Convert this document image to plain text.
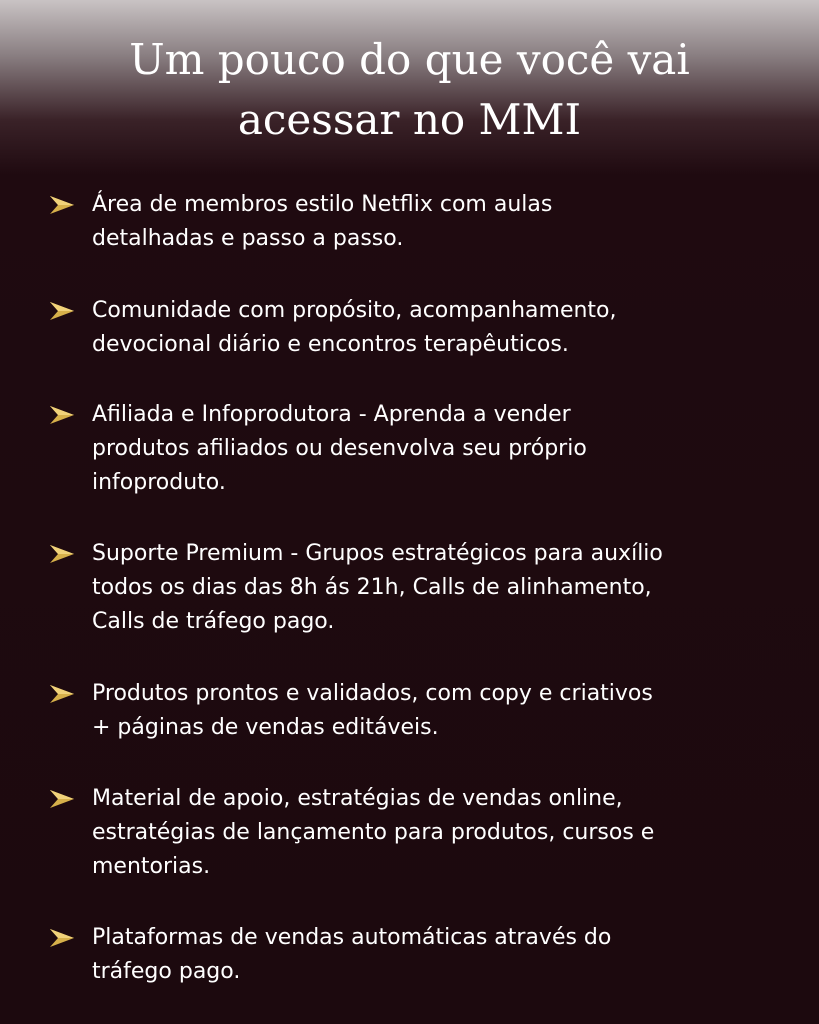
Um pouco do que você vai
acessar no MMI
Área de membros estilo Netflix com aulas
detalhadas e passo a passo.
Comunidade com propósito, acompanhamento,
devocional diário e encontros terapêuticos.
Afiliada e Infoprodutora - Aprenda a vender
produtos afiliados ou desenvolva seu próprio
infoproduto.
Suporte Premium - Grupos estratégicos para auxílio
todos os dias das 8h ás 21h, Calls de alinhamento,
Calls de tráfego pago.
Produtos prontos e validados, com copy e criativos
+ páginas de vendas editáveis.
Material de apoio, estratégias de vendas online,
estratégias de lançamento para produtos, cursos e
mentorias.
Plataformas de vendas automáticas através do
tráfego pago.
